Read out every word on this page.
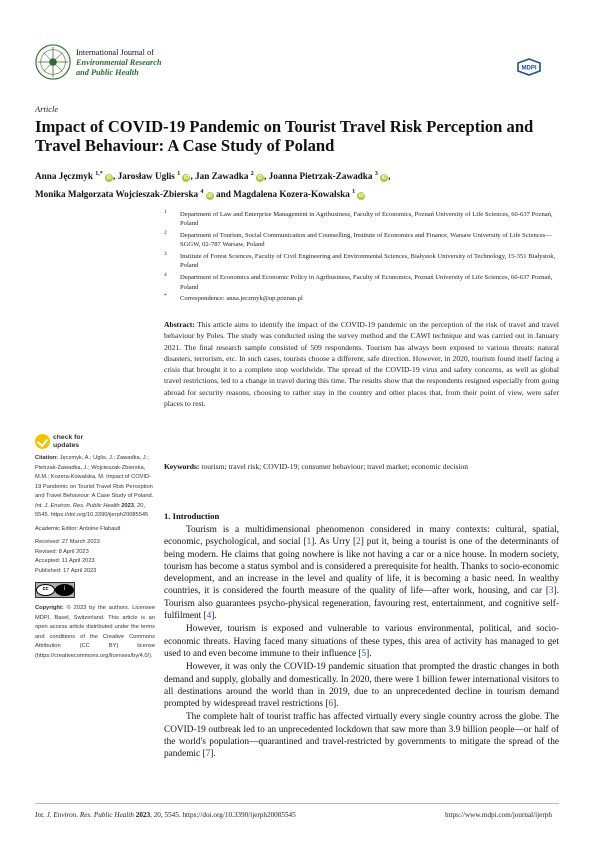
International Journal of
Environmental Research
and Public Health	MDPI
Article
Impact of COVID-19 Pandemic on Tourist Travel Risk Perception and Travel Behaviour: A Case Study of Poland
Anna Jęczmyk $^{1,*}$ iD , Jarosław Uglis $^1$ iD , Jan Zawadka $^2$ iD , Joanna Pietrzak-Zawadka $^3$ iD ,
Monika Małgorzata Wojcieszak-Zbierska $^4$ iD and Magdalena Kozera-Kowalska $^1$ iD
1 Department of Law and Enterprise Management in Agribusiness, Faculty of Economics, Poznań University of Life Sciences, 60-637 Poznań, Poland
2 Department of Tourism, Social Communication and Counselling, Institute of Economics and Finance, Warsaw University of Life Sciences—SGGW, 02-787 Warsaw, Poland
3 Institute of Forest Sciences, Faculty of Civil Engineering and Environmental Sciences, Białystok University of Technology, 15-351 Białystok, Poland
4 Department of Economics and Economic Policy in Agribusiness, Faculty of Economics, Poznań University of Life Sciences, 60-637 Poznań, Poland
* Correspondence: anna.jeczmyk@up.poznan.pl
Abstract: This article aims to identify the impact of the COVID-19 pandemic on the perception of the risk of travel and travel behaviour by Poles. The study was conducted using the survey method and the CAWI technique and was carried out in January 2021. The final research sample consisted of 509 respondents. Tourism has always been exposed to various threats: natural disasters, terrorism, etc. In such cases, tourists choose a different, safe direction. However, in 2020, tourism found itself facing a crisis that brought it to a complete stop worldwide. The spread of the COVID-19 virus and safety concerns, as well as global travel restrictions, led to a change in travel during this time. The results show that the respondents resigned especially from going abroad for security reasons, choosing to rather stay in the country and other places that, from their point of view, were safer places to rest.
Keywords: tourism; travel risk; COVID-19; consumer behaviour; travel market; economic decision
check for
updates

Citation: Jęczmyk, A.; Uglis, J.; Zawadka, J.; Pietrzak-Zawadka, J.; Wojcieszak-Zbierska, M.M.; Kozera-Kowalska, M. Impact of COVID-19 Pandemic on Tourist Travel Risk Perception and Travel Behaviour: A Case Study of Poland. Int. J. Environ. Res. Public Health 2023, 20, 5545. https://doi.org/10.3390/ijerph20085545

Academic Editor: Antoine Flahault

Received: 27 March 2023
Revised: 8 April 2023
Accepted: 11 April 2023
Published: 17 April 2023
cc	i

Copyright: © 2023 by the authors. Licensee MDPI, Basel, Switzerland. This article is an open access article distributed under the terms and conditions of the Creative Commons Attribution (CC BY) license (https://creativecommons.org/licenses/by/4.0/).

1. Introduction

Tourism is a multidimensional phenomenon considered in many contexts: cultural, spatial, economic, psychological, and social [1]. As Urry [2] put it, being a tourist is one of the determinants of being modern. He claims that going nowhere is like not having a car or a nice house. In modern society, tourism has become a status symbol and is considered a prerequisite for health. Thanks to socio-economic development, and an increase in the level and quality of life, it is becoming a basic need. In wealthy countries, it is considered the fourth measure of the quality of life—after work, housing, and car [3]. Tourism also guarantees psycho-physical regeneration, favouring rest, entertainment, and cognitive self-fulfilment [4].

However, tourism is exposed and vulnerable to various environmental, political, and socio-economic threats. Having faced many situations of these types, this area of activity has managed to get used to and even become immune to their influence [5].

However, it was only the COVID-19 pandemic situation that prompted the drastic changes in both demand and supply, globally and domestically. In 2020, there were 1 billion fewer international visitors to all destinations around the world than in 2019, due to an unprecedented decline in tourism demand prompted by widespread travel restrictions [6].

The complete halt of tourist traffic has affected virtually every single country across the globe. The COVID-19 outbreak led to an unprecedented lockdown that saw more than 3.9 billion people—or half of the world's population—quarantined and travel-restricted by governments to mitigate the spread of the pandemic [7].

Int. J. Environ. Res. Public Health 2023, 20, 5545. https://doi.org/10.3390/ijerph20085545	https://www.mdpi.com/journal/ijerph
